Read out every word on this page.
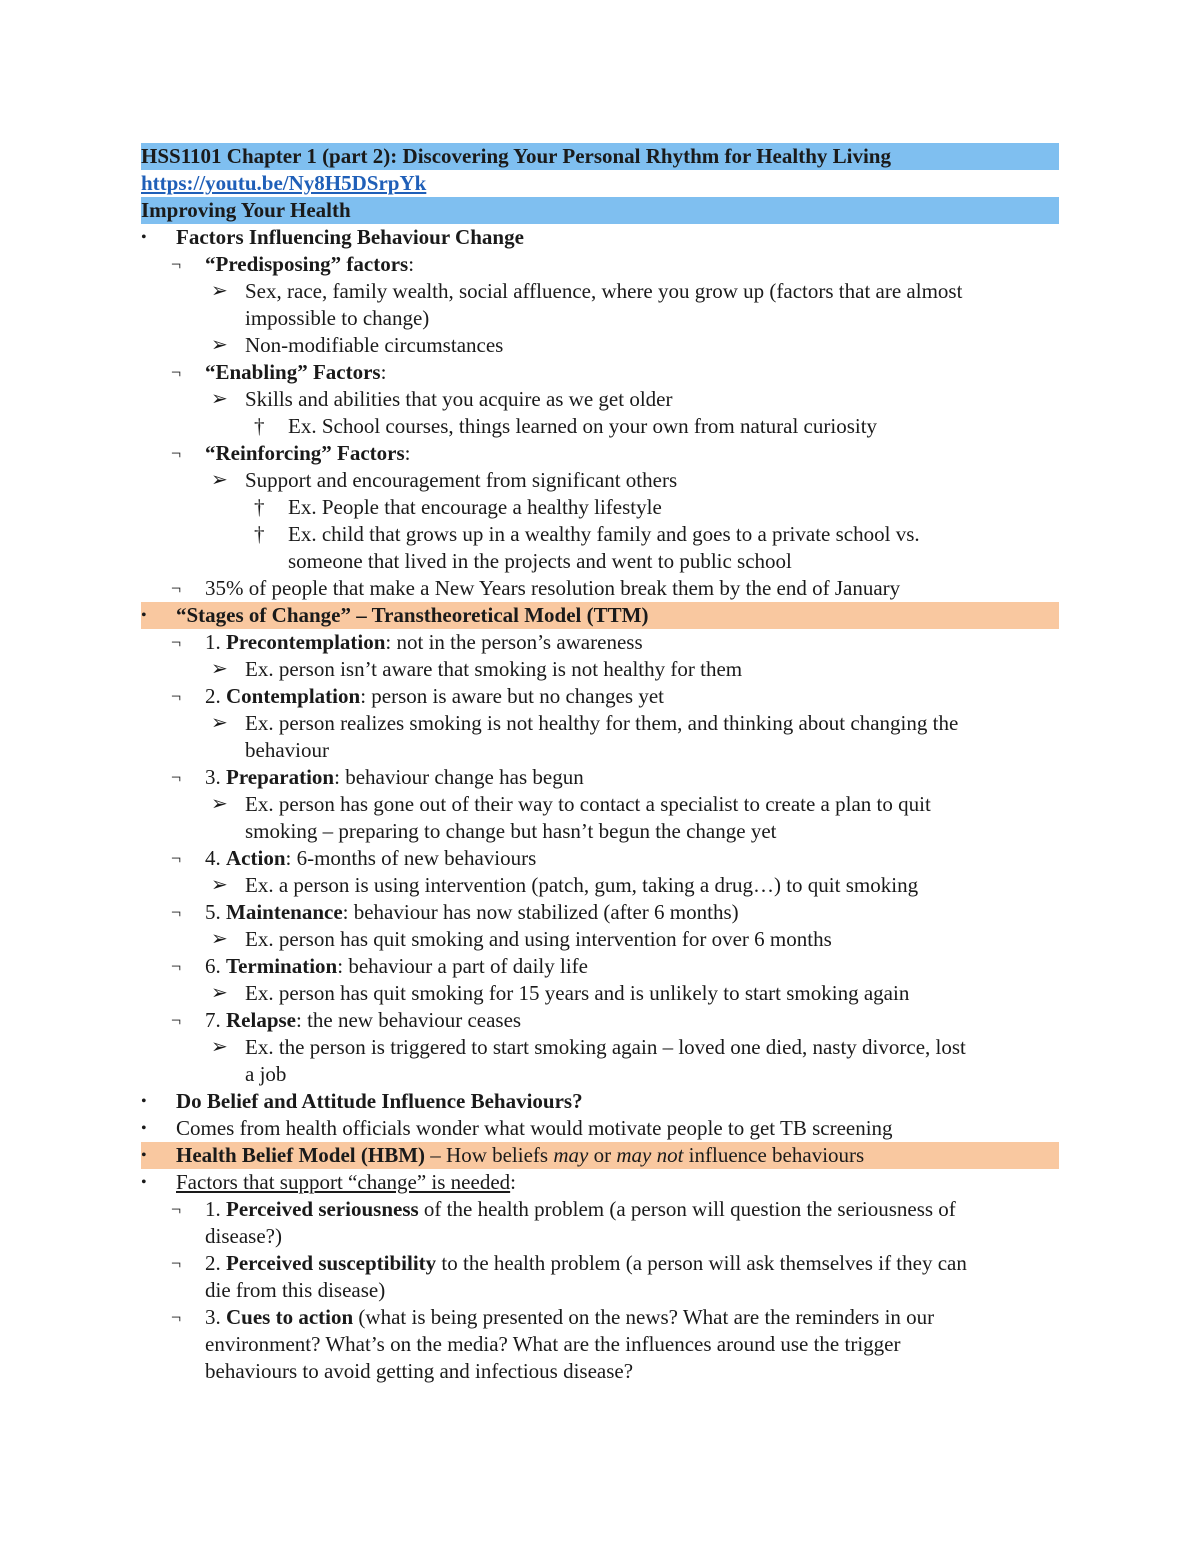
HSS1101 Chapter 1 (part 2): Discovering Your Personal Rhythm for Healthy Living
https://youtu.be/Ny8H5DSrpYk
Improving Your Health
• Factors Influencing Behaviour Change
¬ “Predisposing” factors:
➢ Sex, race, family wealth, social affluence, where you grow up (factors that are almost
impossible to change)
➢ Non-modifiable circumstances
¬ “Enabling” Factors:
➢ Skills and abilities that you acquire as we get older
† Ex. School courses, things learned on your own from natural curiosity
¬ “Reinforcing” Factors:
➢ Support and encouragement from significant others
† Ex. People that encourage a healthy lifestyle
† Ex. child that grows up in a wealthy family and goes to a private school vs.
someone that lived in the projects and went to public school
¬ 35% of people that make a New Years resolution break them by the end of January
• “Stages of Change” – Transtheoretical Model (TTM)
¬ 1. Precontemplation: not in the person’s awareness
➢ Ex. person isn’t aware that smoking is not healthy for them
¬ 2. Contemplation: person is aware but no changes yet
➢ Ex. person realizes smoking is not healthy for them, and thinking about changing the
behaviour
¬ 3. Preparation: behaviour change has begun
➢ Ex. person has gone out of their way to contact a specialist to create a plan to quit
smoking – preparing to change but hasn’t begun the change yet
¬ 4. Action: 6-months of new behaviours
➢ Ex. a person is using intervention (patch, gum, taking a drug…) to quit smoking
¬ 5. Maintenance: behaviour has now stabilized (after 6 months)
➢ Ex. person has quit smoking and using intervention for over 6 months
¬ 6. Termination: behaviour a part of daily life
➢ Ex. person has quit smoking for 15 years and is unlikely to start smoking again
¬ 7. Relapse: the new behaviour ceases
➢ Ex. the person is triggered to start smoking again – loved one died, nasty divorce, lost
a job
• Do Belief and Attitude Influence Behaviours?
• Comes from health officials wonder what would motivate people to get TB screening
• Health Belief Model (HBM) – How beliefs may or may not influence behaviours
• Factors that support “change” is needed:
¬ 1. Perceived seriousness of the health problem (a person will question the seriousness of
disease?)
¬ 2. Perceived susceptibility to the health problem (a person will ask themselves if they can
die from this disease)
¬ 3. Cues to action (what is being presented on the news? What are the reminders in our
environment? What’s on the media? What are the influences around use the trigger
behaviours to avoid getting and infectious disease?
